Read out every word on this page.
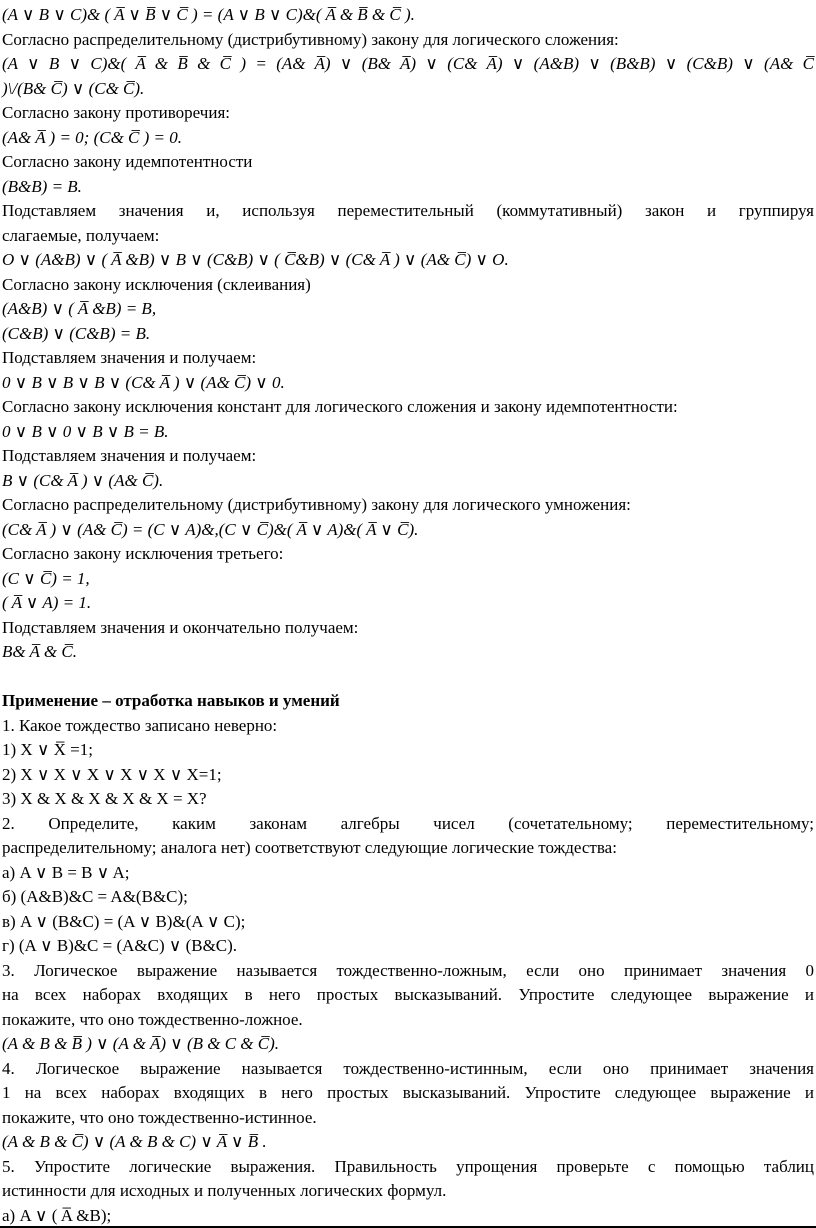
(A ∨ B ∨ C)& ( A̅ ∨ B̅ ∨ C̅ ) = (A ∨ B ∨ C)&( A̅ & B̅ & C̅ ).
Согласно распределительному (дистрибутивному) закону для логического сложения:
(A ∨ B ∨ C)&( A̅ & B̅ & C̅ ) = (A& A̅) ∨ (B& A̅) ∨ (C& A̅) ∨ (A&B) ∨ (B&B) ∨ (C&B) ∨ (A& C̅
)\/(B& C̅) ∨ (C& C̅).
Согласно закону противоречия:
(A& A̅ ) = 0; (C& C̅ ) = 0.
Согласно закону идемпотентности
(B&B) = B.
Подставляем значения и, используя переместительный (коммутативный) закон и группируя
слагаемые, получаем:
O ∨ (A&B) ∨ ( A̅ &B) ∨ B ∨ (C&B) ∨ ( C̅&B) ∨ (C& A̅ ) ∨ (A& C̅) ∨ O.
Согласно закону исключения (склеивания)
(A&B) ∨ ( A̅ &B) = B,
(C&B) ∨ (C&B) = B.
Подставляем значения и получаем:
0 ∨ B ∨ B ∨ B ∨ (C& A̅ ) ∨ (A& C̅) ∨ 0.
Согласно закону исключения констант для логического сложения и закону идемпотентности:
0 ∨ B ∨ 0 ∨ B ∨ B = B.
Подставляем значения и получаем:
B ∨ (C& A̅ ) ∨ (A& C̅).
Согласно распределительному (дистрибутивному) закону для логического умножения:
(C& A̅ ) ∨ (A& C̅) = (C ∨ A)&,(C ∨ C̅)&( A̅ ∨ A)&( A̅ ∨ C̅).
Согласно закону исключения третьего:
(C ∨ C̅) = 1,
( A̅ ∨ A) = 1.
Подставляем значения и окончательно получаем:
B& A̅ & C̅.
Применение – отработка навыков и умений
1. Какое тождество записано неверно:
1) X ∨ X̅ =1;
2) X ∨ X ∨ X ∨ X ∨ X ∨ X=1;
3) X & X & X & X & X = X?
2. Определите, каким законам алгебры чисел (сочетательному; переместительному;
распределительному; аналога нет) соответствуют следующие логические тождества:
а) A ∨ B = B ∨ A;
б) (A&B)&C = A&(B&C);
в) A ∨ (B&C) = (A ∨ B)&(A ∨ C);
г) (A ∨ B)&C = (A&C) ∨ (B&C).
3. Логическое выражение называется тождественно-ложным, если оно принимает значения 0
на всех наборах входящих в него простых высказываний. Упростите следующее выражение и
покажите, что оно тождественно-ложное.
(A & B & B̅ ) ∨ (A & A̅) ∨ (B & C & C̅).
4. Логическое выражение называется тождественно-истинным, если оно принимает значения
1 на всех наборах входящих в него простых высказываний. Упростите следующее выражение и
покажите, что оно тождественно-истинное.
(A & B & C̅) ∨ (A & B & C) ∨ A̅ ∨ B̅ .
5. Упростите логические выражения. Правильность упрощения проверьте с помощью таблиц
истинности для исходных и полученных логических формул.
а) A ∨ ( A̅ &B);
